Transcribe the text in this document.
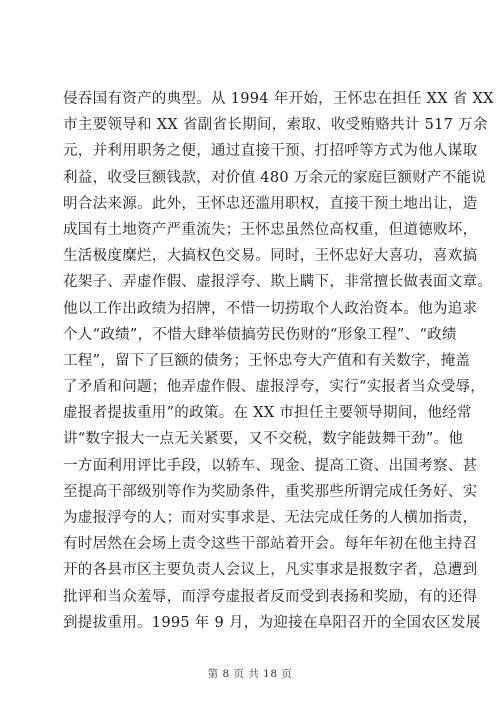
侵吞国有资产的典型。从 1994 年开始，王怀忠在担任 XX 省 XX
市主要领导和 XX 省副省长期间，索取、收受贿赂共计 517 万余
元，并利用职务之便，通过直接干预、打招呼等方式为他人谋取
利益，收受巨额钱款，对价值 480 万余元的家庭巨额财产不能说
明合法来源。此外，王怀忠还滥用职权，直接干预土地出让，造
成国有土地资产严重流失；王怀忠虽然位高权重，但道德败坏，
生活极度糜烂，大搞权色交易。同时，王怀忠好大喜功，喜欢搞
花架子、弄虚作假、虚报浮夸、欺上瞒下，非常擅长做表面文章。
他以工作出政绩为招牌，不惜一切捞取个人政治资本。他为追求
个人“政绩”，不惜大肆举债搞劳民伤财的“形象工程”、“政绩
工程”，留下了巨额的债务；王怀忠夸大产值和有关数字，掩盖
了矛盾和问题；他弄虚作假、虚报浮夸，实行“实报者当众受辱，
虚报者提拔重用”的政策。在 XX 市担任主要领导期间，他经常
讲“数字报大一点无关紧要，又不交税，数字能鼓舞干劲”。他
一方面利用评比手段，以轿车、现金、提高工资、出国考察、甚
至提高干部级别等作为奖励条件，重奖那些所谓完成任务好、实
为虚报浮夸的人；而对实事求是、无法完成任务的人横加指责，
有时居然在会场上责令这些干部站着开会。每年年初在他主持召
开的各县市区主要负责人会议上，凡实事求是报数字者，总遭到
批评和当众羞辱，而浮夸虚报者反而受到表扬和奖励，有的还得
到提拔重用。1995 年 9 月，为迎接在阜阳召开的全国农区发展
第 8 页 共 18 页
